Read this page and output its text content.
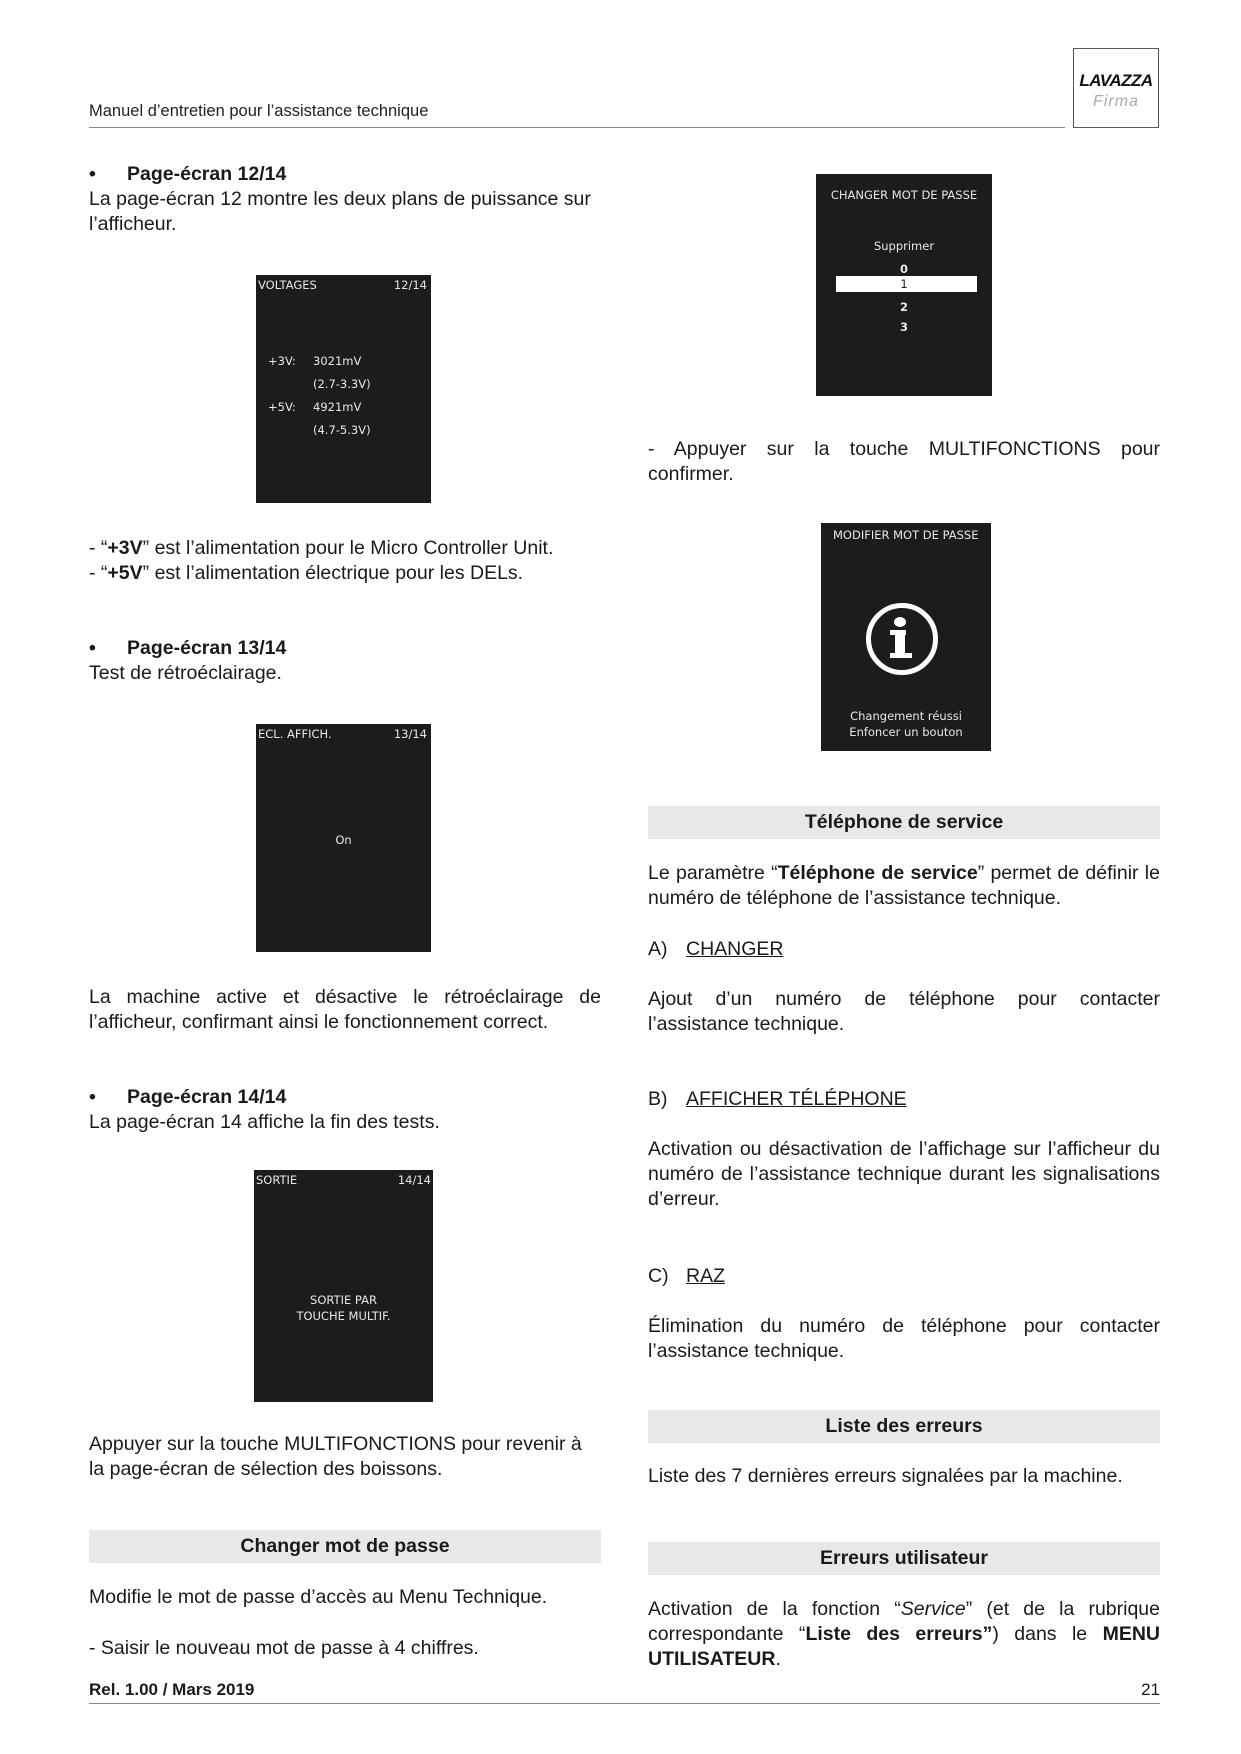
Manuel d’entretien pour l’assistance technique
LAVAZZA
Firma
• Page-écran 12/14
La page-écran 12 montre les deux plans de puissance sur l’afficheur.
VOLTAGES	12/14
+3V: 3021mV
(2.7-3.3V)
+5V: 4921mV
(4.7-5.3V)
- “+3V” est l’alimentation pour le Micro Controller Unit.
- “+5V” est l’alimentation électrique pour les DELs.
• Page-écran 13/14
Test de rétroéclairage.
ECL. AFFICH.	13/14
On
La machine active et désactive le rétroéclairage de l’afficheur, confirmant ainsi le fonctionnement correct.
• Page-écran 14/14
La page-écran 14 affiche la fin des tests.
SORTIE	14/14
SORTIE PAR
TOUCHE MULTIF.
Appuyer sur la touche MULTIFONCTIONS pour revenir à la page-écran de sélection des boissons.
Changer mot de passe
Modifie le mot de passe d’accès au Menu Technique.
- Saisir le nouveau mot de passe à 4 chiffres.
CHANGER MOT DE PASSE
Supprimer
0
1
2
3
- Appuyer sur la touche MULTIFONCTIONS pour confirmer.
MODIFIER MOT DE PASSE
Changement réussi
Enfoncer un bouton
Téléphone de service
Le paramètre “Téléphone de service” permet de définir le numéro de téléphone de l’assistance technique.
A) CHANGER
Ajout d’un numéro de téléphone pour contacter l’assistance technique.
B) AFFICHER TÉLÉPHONE
Activation ou désactivation de l’affichage sur l’afficheur du numéro de l’assistance technique durant les signalisations d’erreur.
C) RAZ
Élimination du numéro de téléphone pour contacter l’assistance technique.
Liste des erreurs
Liste des 7 dernières erreurs signalées par la machine.
Erreurs utilisateur
Activation de la fonction “Service” (et de la rubrique correspondante “Liste des erreurs”) dans le MENU UTILISATEUR.
Rel. 1.00 / Mars 2019	21
